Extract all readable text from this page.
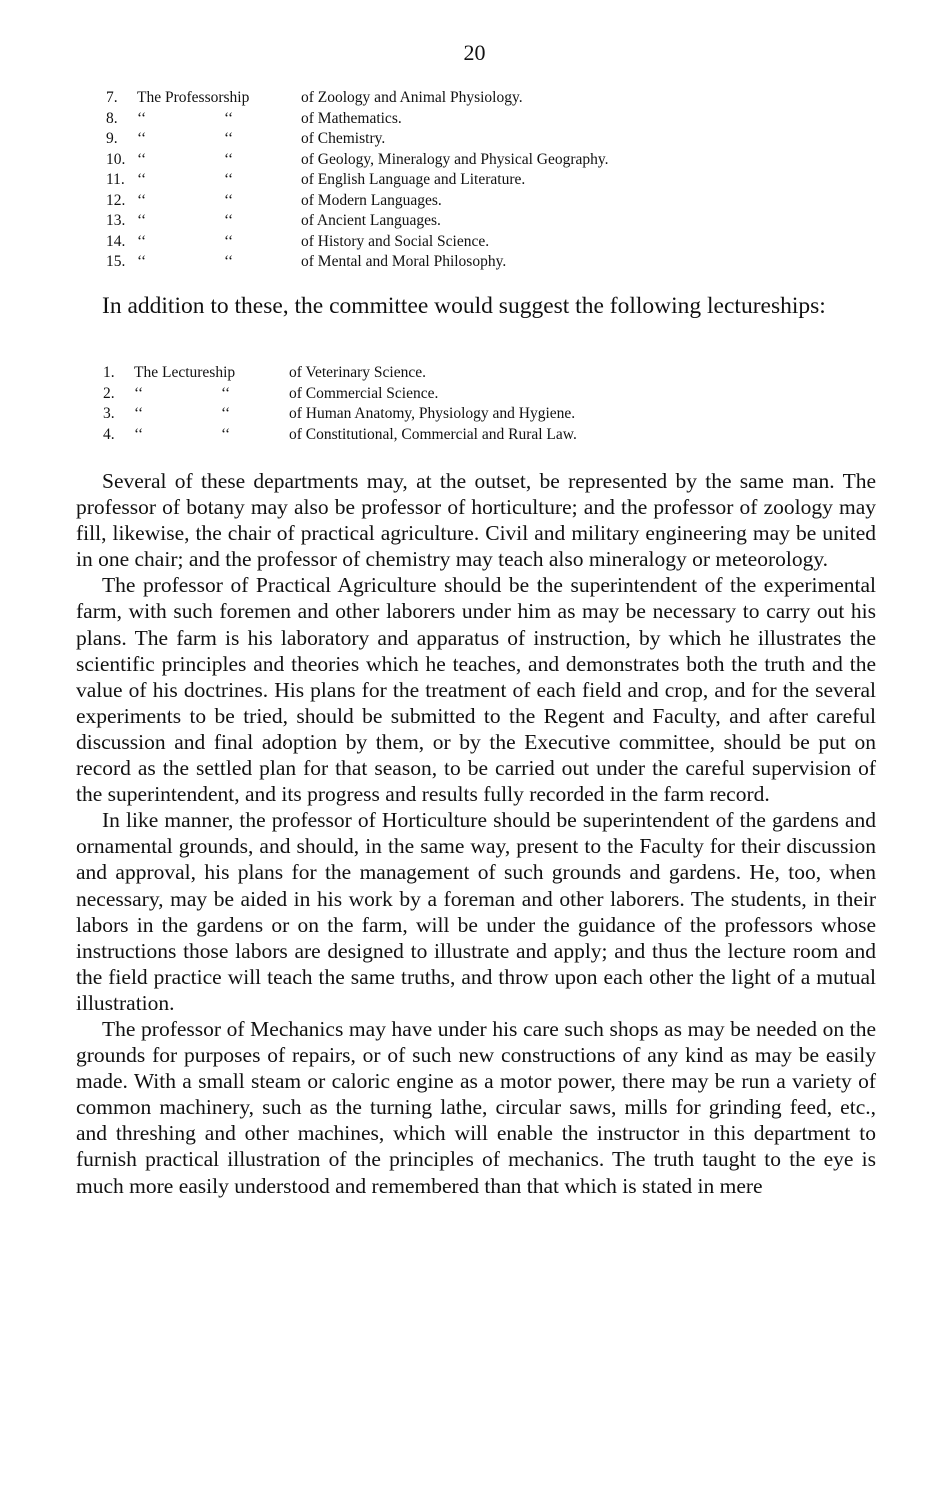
20
7.	The Professorship	of Zoology and Animal Physiology.
8.	‘‘	‘‘	of Mathematics.
9.	‘‘	‘‘	of Chemistry.
10. ‘‘	‘‘	of Geology, Mineralogy and Physical Geography.
11. ‘‘	‘‘	of English Language and Literature.
12. ‘‘	‘‘	of Modern Languages.
13. ‘‘	‘‘	of Ancient Languages.
14. ‘‘	‘‘	of History and Social Science.
15. ‘‘	‘‘	of Mental and Moral Philosophy.
In addition to these, the committee would suggest the following lectureships:
1.	The Lectureship	of Veterinary Science.
2.	‘‘	‘‘	of Commercial Science.
3.	‘‘	‘‘	of Human Anatomy, Physiology and Hygiene.
4.	‘‘	‘‘	of Constitutional, Commercial and Rural Law.

Several of these departments may, at the outset, be represented by the same man. The professor of botany may also be professor of horticulture; and the professor of zoology may fill, likewise, the chair of practical agriculture. Civil and military engineering may be united in one chair; and the professor of chemistry may teach also mineralogy or meteorology.

The professor of Practical Agriculture should be the superintendent of the experimental farm, with such foremen and other laborers under him as may be necessary to carry out his plans. The farm is his laboratory and apparatus of instruction, by which he illustrates the scientific principles and theories which he teaches, and demonstrates both the truth and the value of his doctrines. His plans for the treatment of each field and crop, and for the several experiments to be tried, should be submitted to the Regent and Faculty, and after careful discussion and final adoption by them, or by the Executive committee, should be put on record as the settled plan for that season, to be carried out under the careful supervision of the superintendent, and its progress and results fully recorded in the farm record.

In like manner, the professor of Horticulture should be superintendent of the gardens and ornamental grounds, and should, in the same way, present to the Faculty for their discussion and approval, his plans for the management of such grounds and gardens. He, too, when necessary, may be aided in his work by a foreman and other laborers. The students, in their labors in the gardens or on the farm, will be under the guidance of the professors whose instructions those labors are designed to illustrate and apply; and thus the lecture room and the field practice will teach the same truths, and throw upon each other the light of a mutual illustration.

The professor of Mechanics may have under his care such shops as may be needed on the grounds for purposes of repairs, or of such new constructions of any kind as may be easily made. With a small steam or caloric engine as a motor power, there may be run a variety of common machinery, such as the turning lathe, circular saws, mills for grinding feed, etc., and threshing and other machines, which will enable the instructor in this department to furnish practical illustration of the principles of mechanics. The truth taught to the eye is much more easily understood and remembered than that which is stated in mere
